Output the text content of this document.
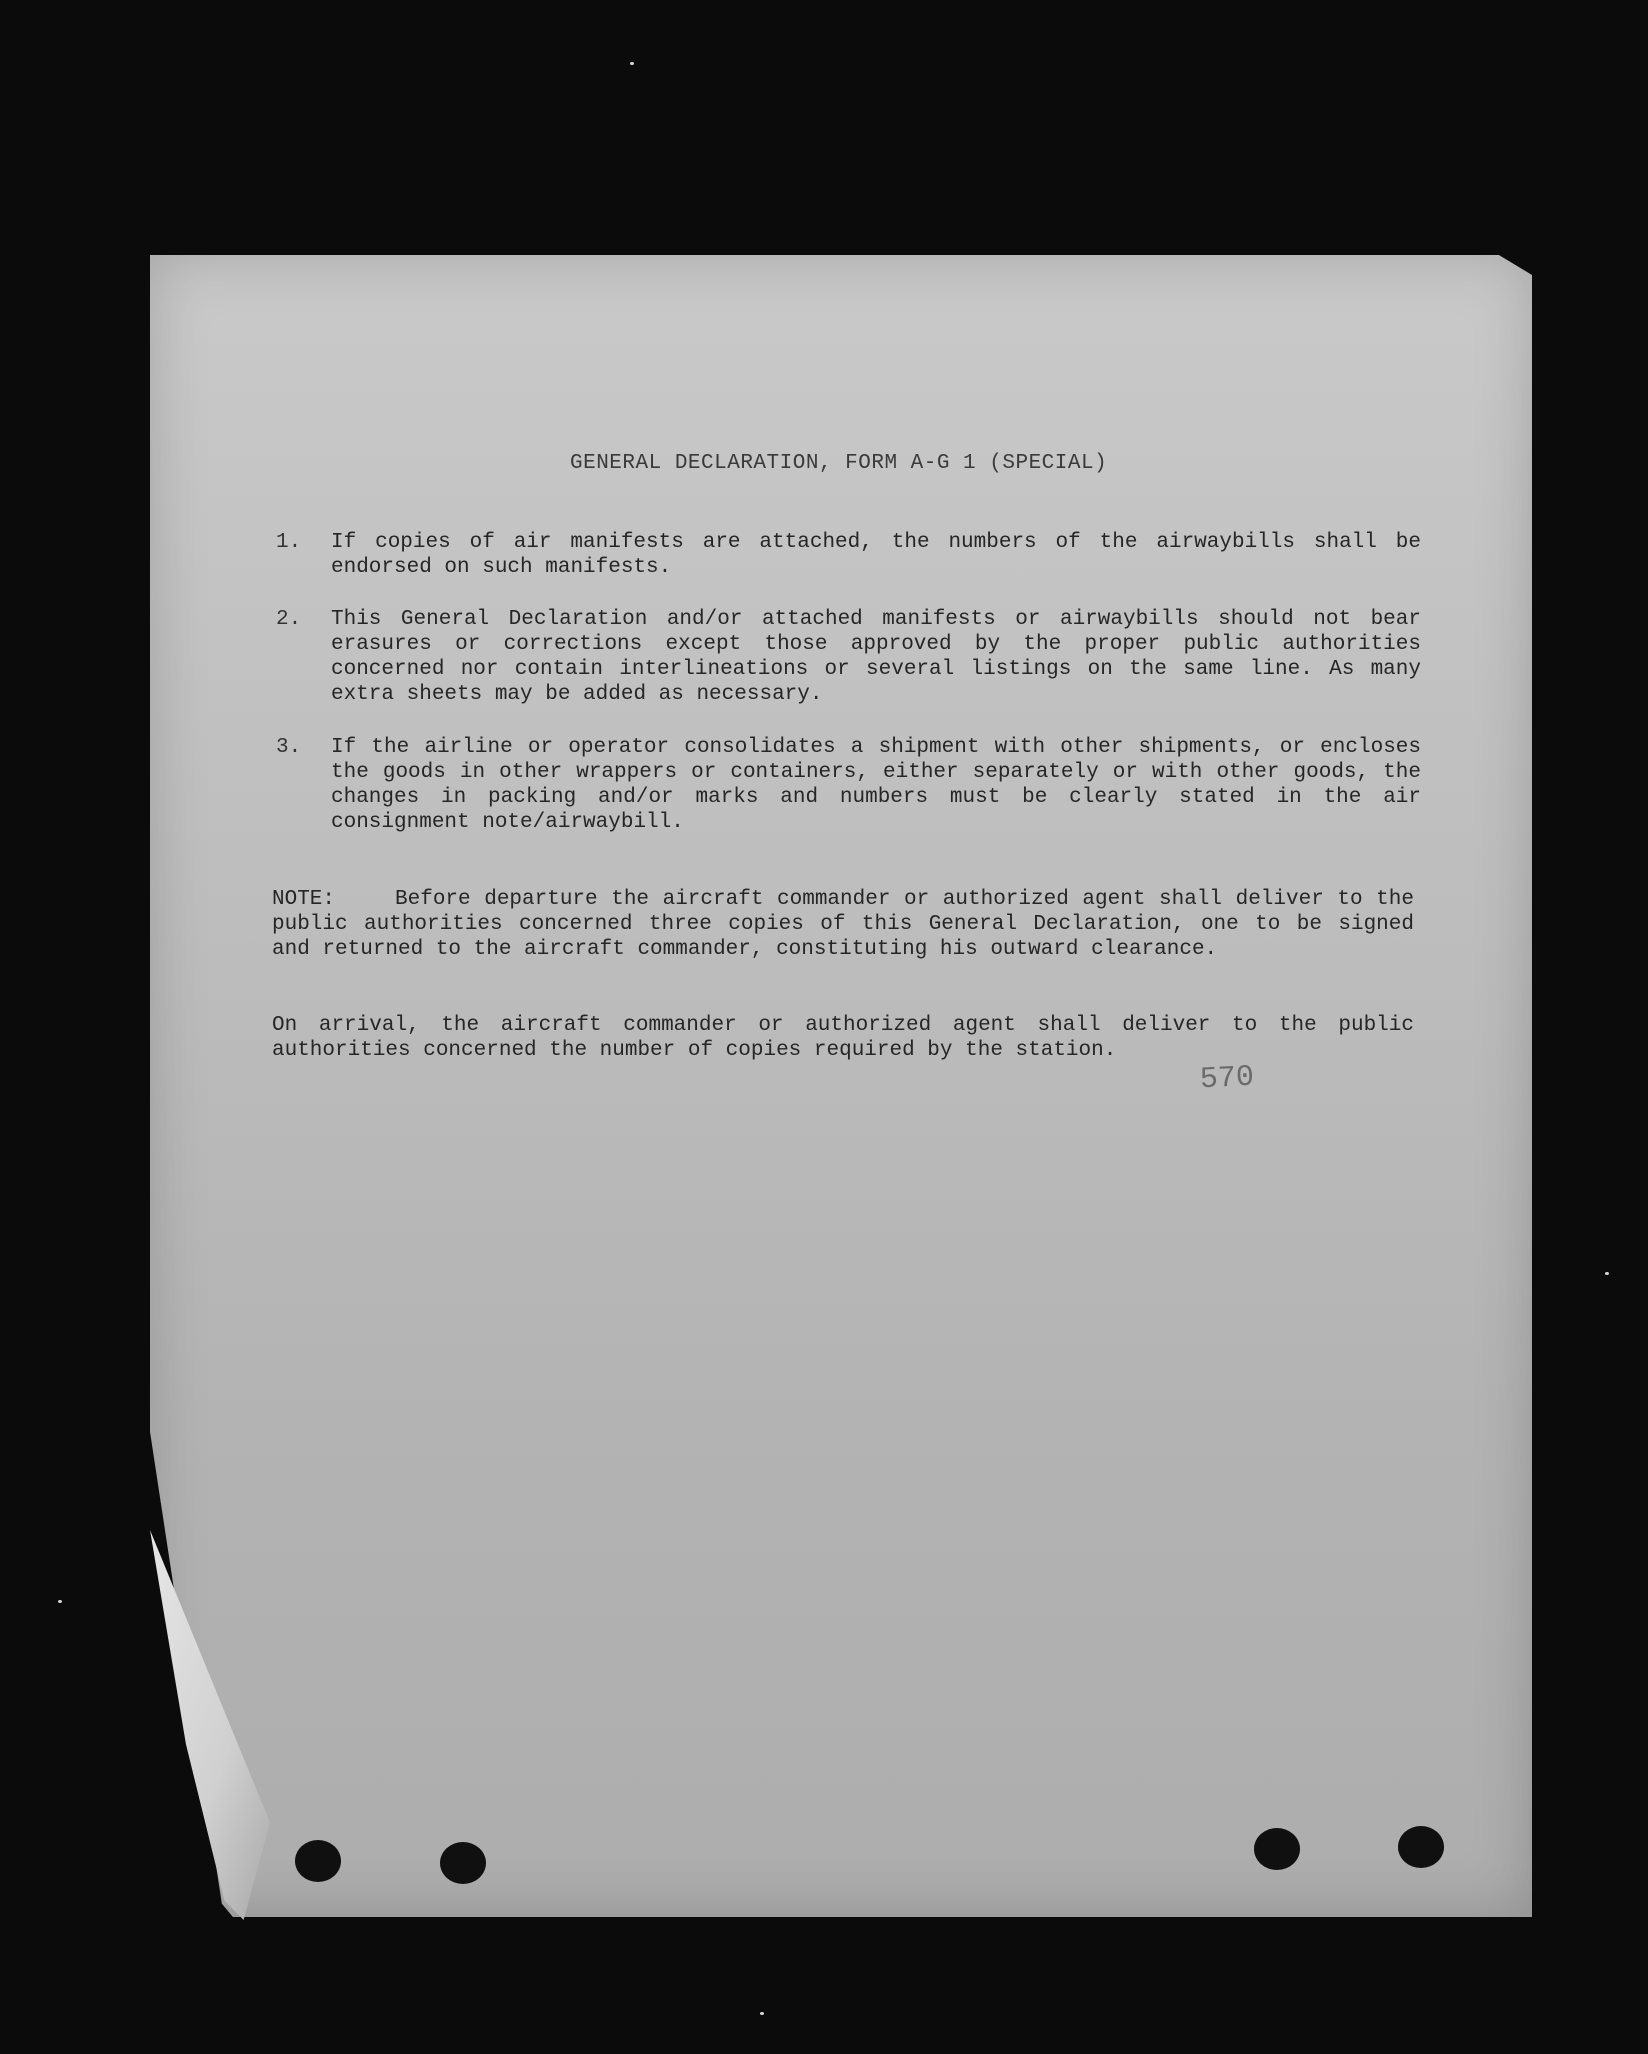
GENERAL DECLARATION, FORM A-G 1 (SPECIAL)
1.	If copies of air manifests are attached, the numbers of the airwaybills shall be endorsed on such manifests.
2.	This General Declaration and/or attached manifests or airwaybills should not bear erasures or corrections except those approved by the proper public authorities concerned nor contain interlineations or several listings on the same line. As many extra sheets may be added as necessary.
3.	If the airline or operator consolidates a shipment with other shipments, or encloses the goods in other wrappers or containers, either separately or with other goods, the changes in packing and/or marks and numbers must be clearly stated in the air consignment note/airwaybill.
NOTE:	Before departure the aircraft commander or authorized agent shall deliver to the public authorities concerned three copies of this General Declaration, one to be signed and returned to the aircraft commander, constituting his outward clearance.
On arrival, the aircraft commander or authorized agent shall deliver to the public authorities concerned the number of copies required by the station.
570
